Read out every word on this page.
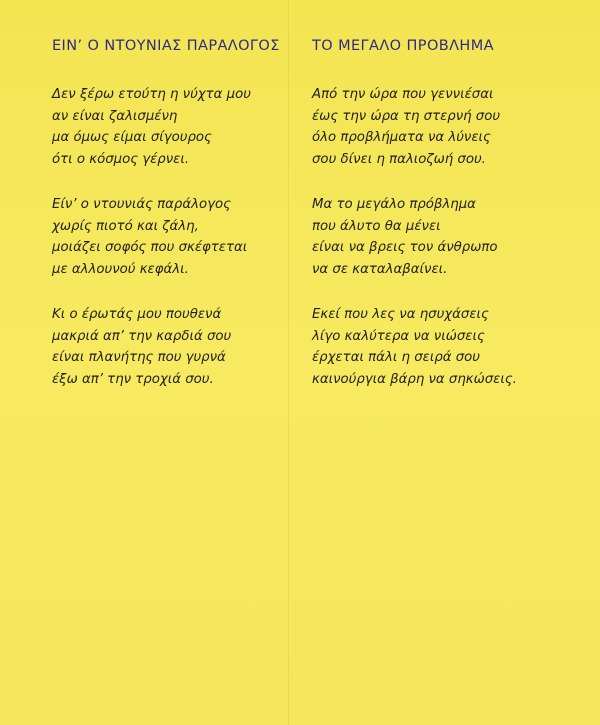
ΕΙΝ’ Ο ΝΤΟΥΝΙΑΣ ΠΑΡΑΛΟΓΟΣ
Δεν ξέρω ετούτη η νύχτα μου
αν είναι ζαλισμένη
μα όμως είμαι σίγουρος
ότι ο κόσμος γέρνει.
Είν’ ο ντουνιάς παράλογος
χωρίς πιοτό και ζάλη,
μοιάζει σοφός που σκέφτεται
με αλλουνού κεφάλι.
Κι ο έρωτάς μου πουθενά
μακριά απ’ την καρδιά σου
είναι πλανήτης που γυρνά
έξω απ’ την τροχιά σου.
ΤΟ ΜΕΓΑΛΟ ΠΡΟΒΛΗΜΑ
Από την ώρα που γεννιέσαι
έως την ώρα τη στερνή σου
όλο προβλήματα να λύνεις
σου δίνει η παλιοζωή σου.
Μα το μεγάλο πρόβλημα
που άλυτο θα μένει
είναι να βρεις τον άνθρωπο
να σε καταλαβαίνει.
Εκεί που λες να ησυχάσεις
λίγο καλύτερα να νιώσεις
έρχεται πάλι η σειρά σου
καινούργια βάρη να σηκώσεις.
